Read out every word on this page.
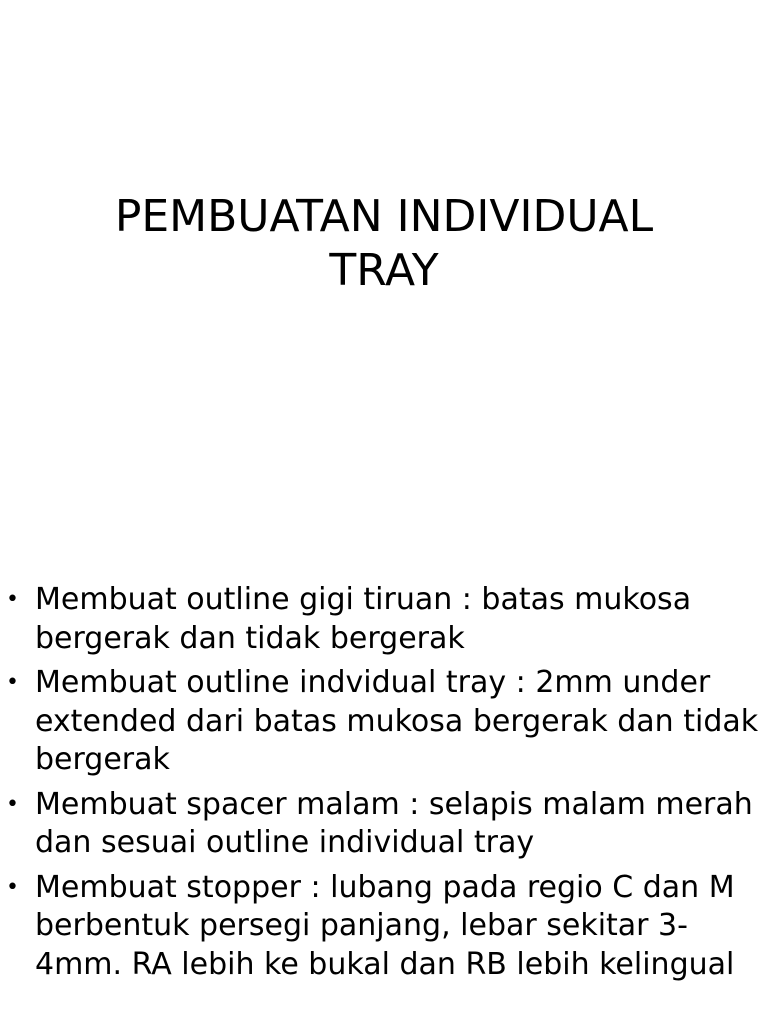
PEMBUATAN INDIVIDUAL
TRAY
• Membuat outline gigi tiruan : batas mukosa bergerak dan tidak bergerak
• Membuat outline indvidual tray : 2mm under extended dari batas mukosa bergerak dan tidak bergerak
• Membuat spacer malam : selapis malam merah dan sesuai outline individual tray
• Membuat stopper : lubang pada regio C dan M berbentuk persegi panjang, lebar sekitar 3-4mm. RA lebih ke bukal dan RB lebih kelingual
